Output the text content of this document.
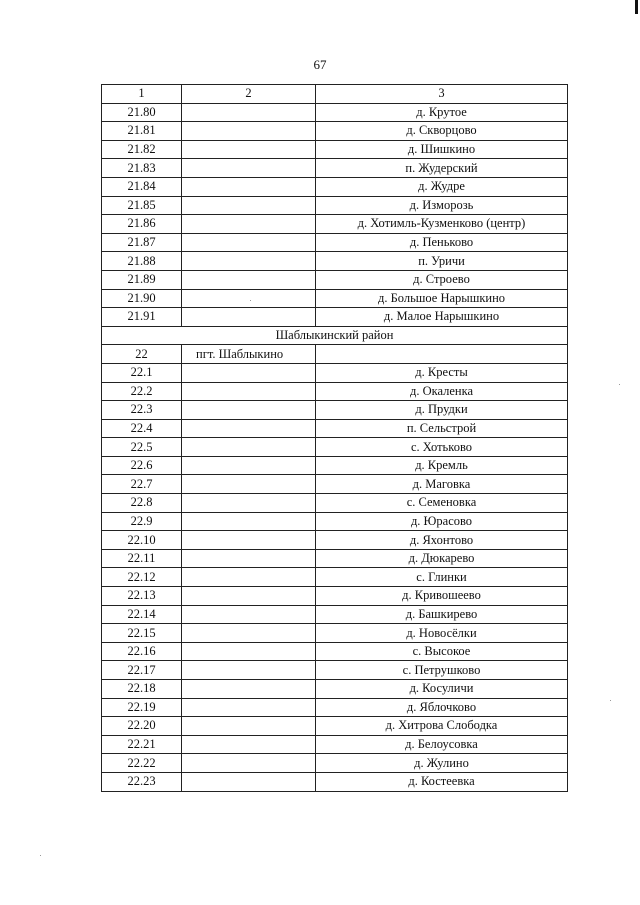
67
1	2	3
21.80		д. Крутое
21.81		д. Скворцово
21.82		д. Шишкино
21.83		п. Жудерский
21.84		д. Жудре
21.85		д. Изморозь
21.86		д. Хотимль-Кузменково (центр)
21.87		д. Пеньково
21.88		п. Уричи
21.89		д. Строево
21.90		д. Большое Нарышкино
21.91		д. Малое Нарышкино
Шаблыкинский район		
22	пгт. Шаблыкино	
22.1		д. Кресты
22.2		д. Окаленка
22.3		д. Прудки
22.4		п. Сельстрой
22.5		с. Хотьково
22.6		д. Кремль
22.7		д. Маговка
22.8		с. Семеновка
22.9		д. Юрасово
22.10		д. Яхонтово
22.11		д. Дюкарево
22.12		с. Глинки
22.13		д. Кривошеево
22.14		д. Башкирево
22.15		д. Новосёлки
22.16		с. Высокое
22.17		с. Петрушково
22.18		д. Косуличи
22.19		д. Яблочково
22.20		д. Хитрова Слободка
22.21		д. Белоусовка
22.22		д. Жулино
22.23		д. Костеевка
